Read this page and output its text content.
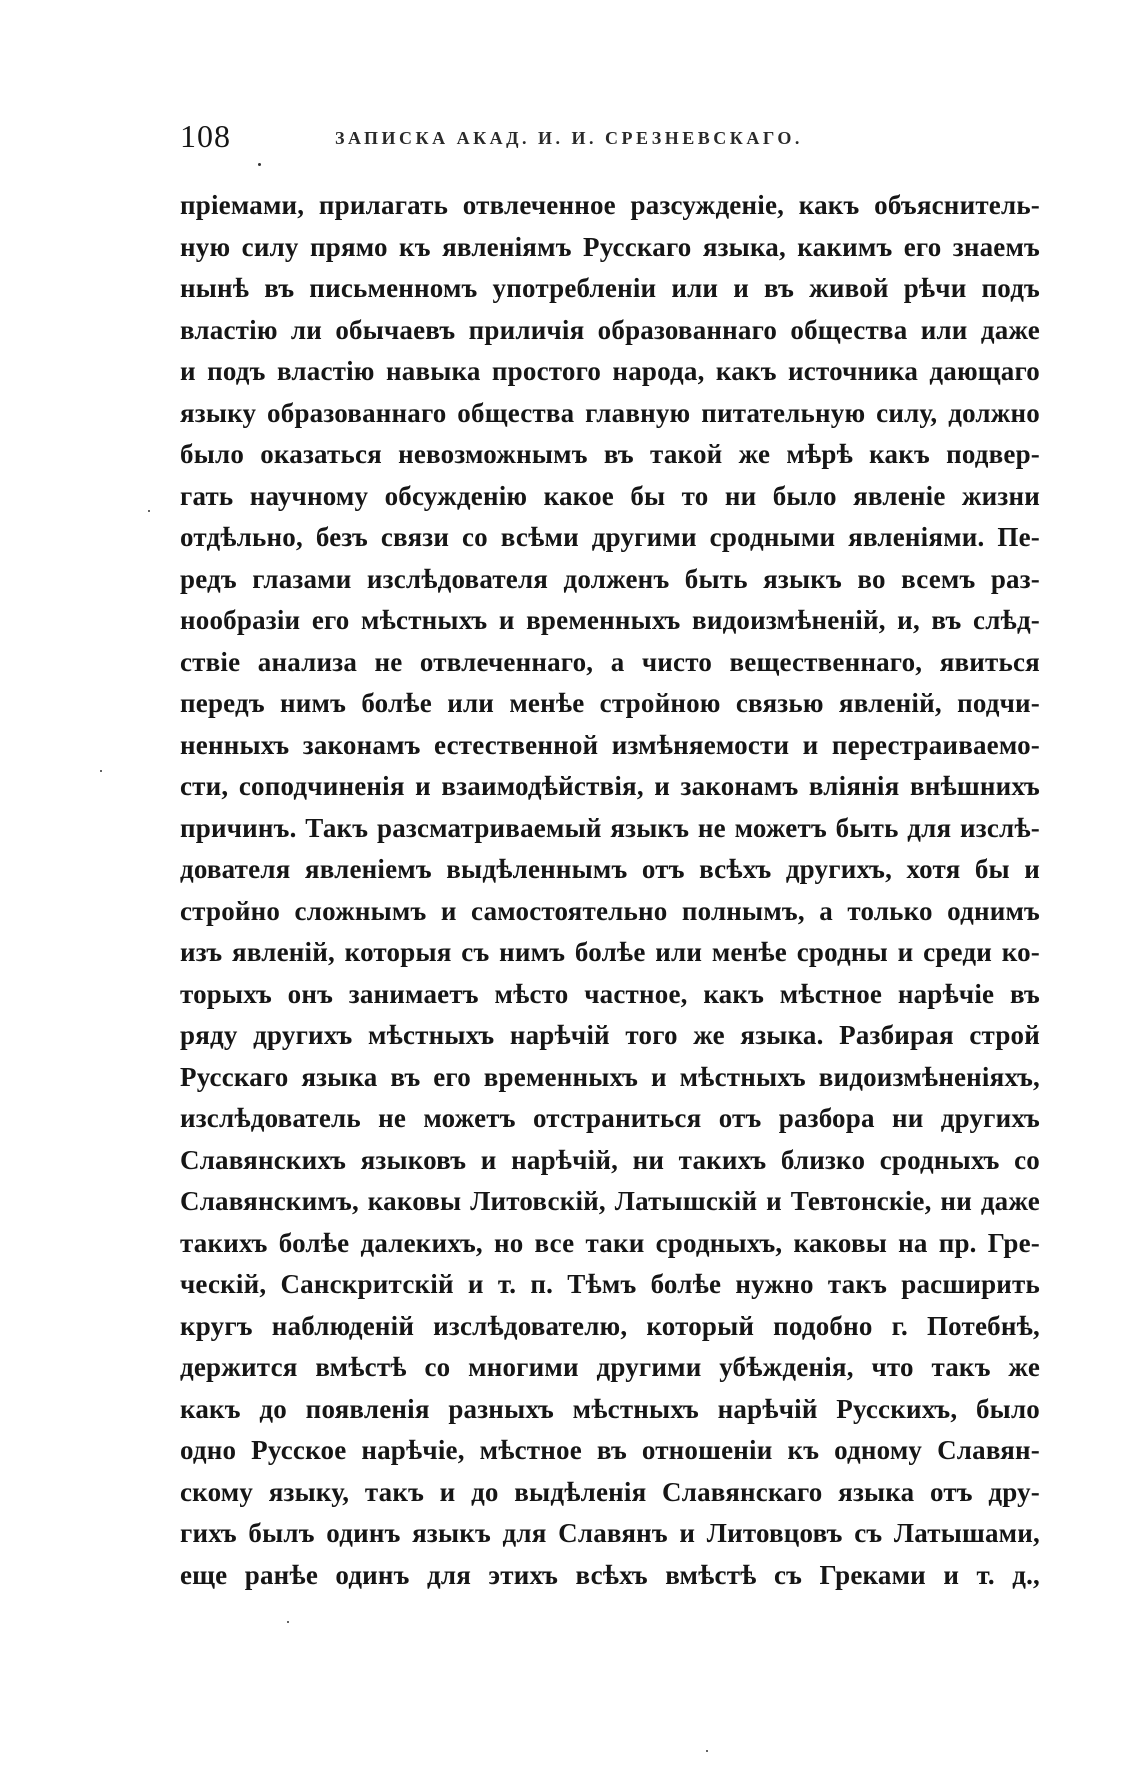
108	ЗАПИСКА АКАД. И. И. СРЕЗНЕВСКАГО.
пріемами, прилагать отвлеченное разсужденіе, какъ объяснитель-
ную силу прямо къ явленіямъ Русскаго языка, какимъ его знаемъ
нынѣ въ письменномъ употребленіи или и въ живой рѣчи подъ
властію ли обычаевъ приличія образованнаго общества или даже
и подъ властію навыка простого народа, какъ источника дающаго
языку образованнаго общества главную питательную силу, должно
было оказаться невозможнымъ въ такой же мѣрѣ какъ подвер-
гать научному обсужденію какое бы то ни было явленіе жизни
отдѣльно, безъ связи со всѣми другими сродными явленіями. Пе-
редъ глазами изслѣдователя долженъ быть языкъ во всемъ раз-
нообразіи его мѣстныхъ и временныхъ видоизмѣненій, и, въ слѣд-
ствіе анализа не отвлеченнаго, а чисто вещественнаго, явиться
передъ нимъ болѣе или менѣе стройною связью явленій, подчи-
ненныхъ законамъ естественной измѣняемости и перестраиваемо-
сти, соподчиненія и взаимодѣйствія, и законамъ вліянія внѣшнихъ
причинъ. Такъ разсматриваемый языкъ не можетъ быть для изслѣ-
дователя явленіемъ выдѣленнымъ отъ всѣхъ другихъ, хотя бы и
стройно сложнымъ и самостоятельно полнымъ, а только однимъ
изъ явленій, которыя съ нимъ болѣе или менѣе сродны и среди ко-
торыхъ онъ занимаетъ мѣсто частное, какъ мѣстное нарѣчіе въ
ряду другихъ мѣстныхъ нарѣчій того же языка. Разбирая строй
Русскаго языка въ его временныхъ и мѣстныхъ видоизмѣненіяхъ,
изслѣдователь не можетъ отстраниться отъ разбора ни другихъ
Славянскихъ языковъ и нарѣчій, ни такихъ близко сродныхъ со
Славянскимъ, каковы Литовскій, Латышскій и Тевтонскіе, ни даже
такихъ болѣе далекихъ, но все таки сродныхъ, каковы на пр. Гре-
ческій, Санскритскій и т. п. Тѣмъ болѣе нужно такъ расширить
кругъ наблюденій изслѣдователю, который подобно г. Потебнѣ,
держится вмѣстѣ со многими другими убѣжденія, что такъ же
какъ до появленія разныхъ мѣстныхъ нарѣчій Русскихъ, было
одно Русское нарѣчіе, мѣстное въ отношеніи къ одному Славян-
скому языку, такъ и до выдѣленія Славянскаго языка отъ дру-
гихъ былъ одинъ языкъ для Славянъ и Литовцовъ съ Латышами,
еще ранѣе одинъ для этихъ всѣхъ вмѣстѣ съ Греками и т. д.,
